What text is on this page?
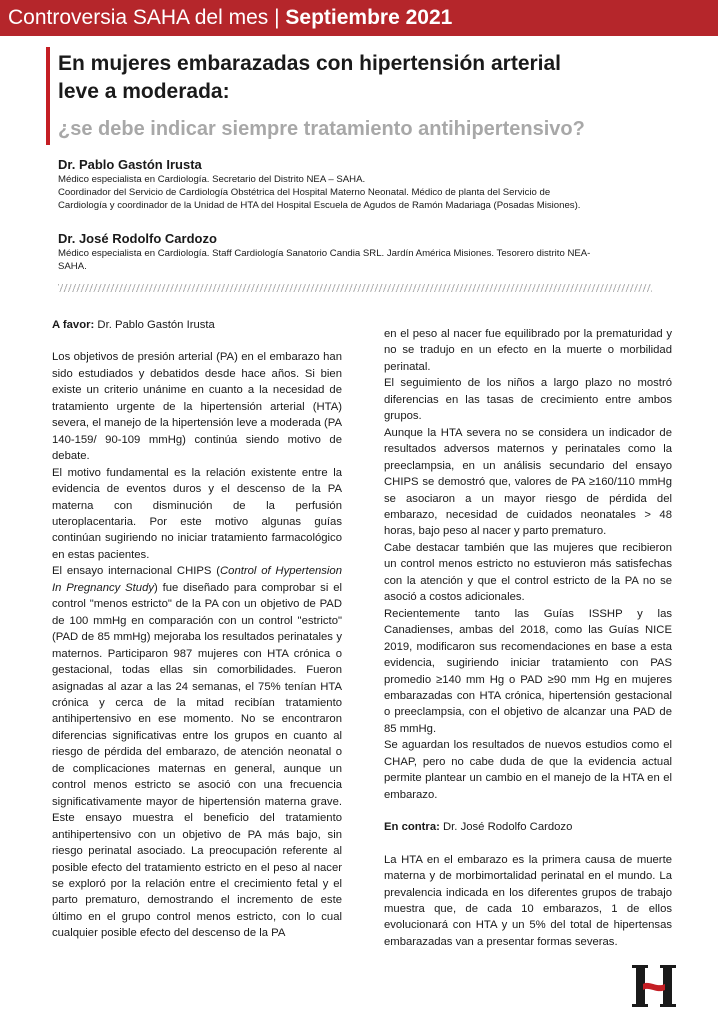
Controversia SAHA del mes | Septiembre 2021
En mujeres embarazadas con hipertensión arterial
leve a moderada:
¿se debe indicar siempre tratamiento antihipertensivo?
Dr. Pablo Gastón Irusta
Médico especialista en Cardiología. Secretario del Distrito NEA – SAHA.
Coordinador del Servicio de Cardiología Obstétrica del Hospital Materno Neonatal. Médico de planta del Servicio de
Cardiología y coordinador de la Unidad de HTA del Hospital Escuela de Agudos de Ramón Madariaga (Posadas Misiones).
Dr. José Rodolfo Cardozo
Médico especialista en Cardiología. Staff Cardiología Sanatorio Candia SRL. Jardín América Misiones. Tesorero distrito NEA-
SAHA.

A favor: Dr. Pablo Gastón Irusta

Los objetivos de presión arterial (PA) en el embarazo han sido estudiados y debatidos desde hace años. Si bien existe un criterio unánime en cuanto a la necesidad de tratamiento urgente de la hipertensión arterial (HTA) severa, el manejo de la hipertensión leve a moderada (PA 140-159/ 90-109 mmHg) continúa siendo motivo de debate.

El motivo fundamental es la relación existente entre la evidencia de eventos duros y el descenso de la PA materna con disminución de la perfusión uteroplacentaria. Por este motivo algunas guías continúan sugiriendo no iniciar tratamiento farmacológico en estas pacientes.

El ensayo internacional CHIPS (Control of Hypertension In Pregnancy Study) fue diseñado para comprobar si el control "menos estricto" de la PA con un objetivo de PAD de 100 mmHg en comparación con un control "estricto" (PAD de 85 mmHg) mejoraba los resultados perinatales y maternos. Participaron 987 mujeres con HTA crónica o gestacional, todas ellas sin comorbilidades. Fueron asignadas al azar a las 24 semanas, el 75% tenían HTA crónica y cerca de la mitad recibían tratamiento antihipertensivo en ese momento. No se encontraron diferencias significativas entre los grupos en cuanto al riesgo de pérdida del embarazo, de atención neonatal o de complicaciones maternas en general, aunque un control menos estricto se asoció con una frecuencia significativamente mayor de hipertensión materna grave. Este ensayo muestra el beneficio del tratamiento antihipertensivo con un objetivo de PA más bajo, sin riesgo perinatal asociado. La preocupación referente al posible efecto del tratamiento estricto en el peso al nacer se exploró por la relación entre el crecimiento fetal y el parto prematuro, demostrando el incremento de este último en el grupo control menos estricto, con lo cual cualquier posible efecto del descenso de la PA

en el peso al nacer fue equilibrado por la prematuridad y no se tradujo en un efecto en la muerte o morbilidad perinatal.

El seguimiento de los niños a largo plazo no mostró diferencias en las tasas de crecimiento entre ambos grupos.

Aunque la HTA severa no se considera un indicador de resultados adversos maternos y perinatales como la preeclampsia, en un análisis secundario del ensayo CHIPS se demostró que, valores de PA ≥160/110 mmHg se asociaron a un mayor riesgo de pérdida del embarazo, necesidad de cuidados neonatales > 48 horas, bajo peso al nacer y parto prematuro.

Cabe destacar también que las mujeres que recibieron un control menos estricto no estuvieron más satisfechas con la atención y que el control estricto de la PA no se asoció a costos adicionales.

Recientemente tanto las Guías ISSHP y las Canadienses, ambas del 2018, como las Guías NICE 2019, modificaron sus recomendaciones en base a esta evidencia, sugiriendo iniciar tratamiento con PAS promedio ≥140 mm Hg o PAD ≥90 mm Hg en mujeres embarazadas con HTA crónica, hipertensión gestacional o preeclampsia, con el objetivo de alcanzar una PAD de 85 mmHg.

Se aguardan los resultados de nuevos estudios como el CHAP, pero no cabe duda de que la evidencia actual permite plantear un cambio en el manejo de la HTA en el embarazo.

En contra: Dr. José Rodolfo Cardozo

La HTA en el embarazo es la primera causa de muerte materna y de morbimortalidad perinatal en el mundo. La prevalencia indicada en los diferentes grupos de trabajo muestra que, de cada 10 embarazos, 1 de ellos evolucionará con HTA y un 5% del total de hipertensas embarazadas van a presentar formas severas.
